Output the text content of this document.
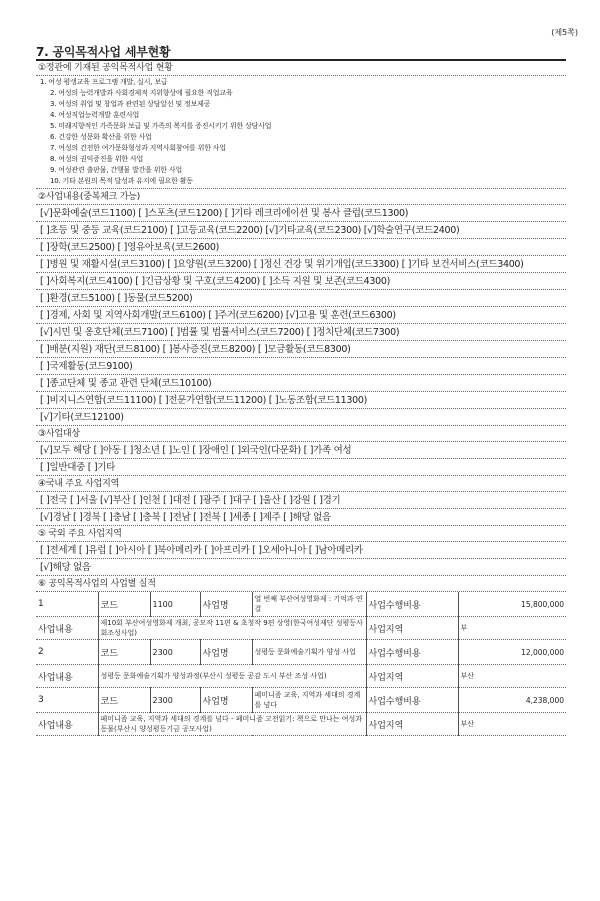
(제5쪽)
7. 공익목적사업 세부현황
①정관에 기재된 공익목적사업 현황
1. 여성 평생교육 프로그램 개발, 실시, 보급
2. 여성의 능력개발과 사회경제적 지위향상에 필요한 직업교육
3. 여성의 취업 및 창업과 관련된 상담알선 및 정보제공
4. 여성직업능력개발 훈련사업
5. 미래지향적인 가족문화 보급 및 가족의 복지를 증진시키기 위한 상담사업
6. 건강한 성문화 확산을 위한 사업
7. 여성의 건전한 여가문화형성과 지역사회참여를 위한 사업
8. 여성의 권익증진을 위한 사업
9. 여성관련 출판물, 간행물 발간을 위한 사업
10. 기타 본원의 목적 달성과 유지에 필요한 활동
②사업내용(중복체크 가능)
[√]문화예술(코드1100) [ ]스포츠(코드1200) [ ]기타 레크리에이션 및 봉사 클럽(코드1300)
[ ]초등 및 중등 교육(코드2100) [ ]고등교육(코드2200) [√]기타교육(코드2300) [√]학술연구(코드2400)
[ ]장학(코드2500) [ ]영유아보육(코드2600)
[ ]병원 및 재활시설(코드3100) [ ]요양원(코드3200) [ ]정신 건강 및 위기개입(코드3300) [ ]기타 보건서비스(코드3400)
[ ]사회복지(코드4100) [ ]긴급상황 및 구호(코드4200) [ ]소득 지원 및 보존(코드4300)
[ ]환경(코드5100) [ ]동물(코드5200)
[ ]경제, 사회 및 지역사회개발(코드6100) [ ]주거(코드6200) [√]고용 및 훈련(코드6300)
[√]시민 및 옹호단체(코드7100) [ ]법률 및 법률서비스(코드7200) [ ]정치단체(코드7300)
[ ]배분(지원) 재단(코드8100) [ ]봉사증진(코드8200) [ ]모금활동(코드8300)
[ ]국제활동(코드9100)
[ ]종교단체 및 종교 관련 단체(코드10100)
[ ]비지니스연합(코드11100) [ ]전문가연합(코드11200) [ ]노동조합(코드11300)
[√]기타(코드12100)
③사업대상
[√]모두 해당 [ ]아동 [ ]청소년 [ ]노인 [ ]장애인 [ ]외국인(다문화) [ ]가족 여성
[ ]일반대중 [ ]기타
④국내 주요 사업지역
[ ]전국 [ ]서울 [√]부산 [ ]인천 [ ]대전 [ ]광주 [ ]대구 [ ]울산 [ ]강원 [ ]경기
[√]경남 [ ]경북 [ ]충남 [ ]충북 [ ]전남 [ ]전북 [ ]세종 [ ]제주 [ ]해당 없음
⑤ 국외 주요 사업지역
[ ]전세계 [ ]유럽 [ ]아시아 [ ]북아메리카 [ ]아프리카 [ ]오세아니아 [ ]남아메리카
[√]해당 없음
⑥ 공익목적사업의 사업별 실적
1	코드	1100	사업명	열 번째 부산여성영화제 : 기억과 연결	사업수행비용	15,800,000
사업내용	제10회 부산여성영화제 개최, 공모작 11편 & 초청작 9편 상영(한국여성재단 성평등사회조성사업)				사업지역	부
2	코드	2300	사업명	성평등 문화예술기획가 양성 사업	사업수행비용	12,000,000
사업내용	성평등 문화예술기획가 양성과정(부산시 성평등 공감 도시 부산 조성 사업)				사업지역	부산
3	코드	2300	사업명	페미니즘 교육, 지역과 세대의 경계를 넘다	사업수행비용	4,238,000
사업내용	페미니즘 교육, 지역과 세대의 경계를 넘다 - 페미니즘 고전읽기: 책으로 만나는 여성과 동물(부산시 양성평등기금 공모사업)				사업지역	부산
